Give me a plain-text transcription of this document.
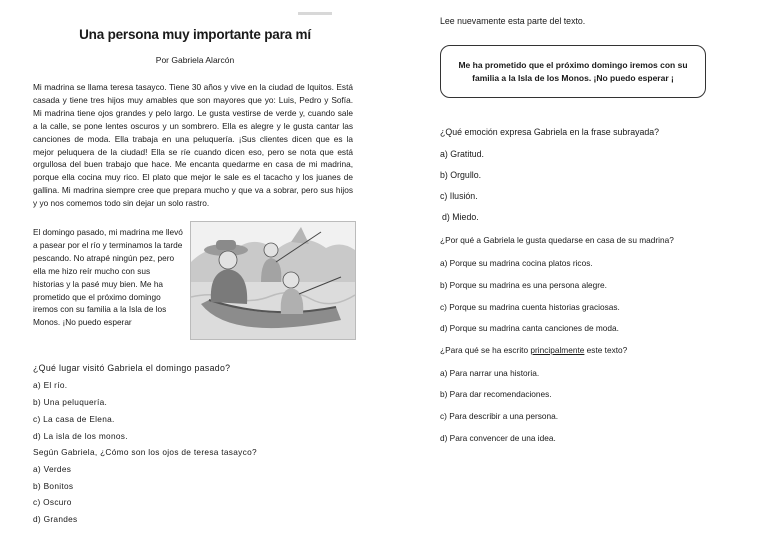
Una persona muy importante para mí
Por Gabriela Alarcón
Mi madrina se llama teresa tasayco. Tiene 30 años y vive en la ciudad de Iquitos. Está casada y tiene tres hijos muy amables que son mayores que yo: Luis, Pedro y Sofía. Mi madrina tiene ojos grandes y pelo largo. Le gusta vestirse de verde y, cuando sale a la calle, se pone lentes oscuros y un sombrero. Ella es alegre y le gusta cantar las canciones de moda. Ella trabaja en una peluquería. ¡Sus clientes dicen que es la mejor peluquera de la ciudad! Ella se ríe cuando dicen eso, pero se nota que está orgullosa del buen trabajo que hace. Me encanta quedarme en casa de mi madrina, porque ella cocina muy rico. El plato que mejor le sale es el tacacho y los juanes de gallina. Mi madrina siempre cree que prepara mucho y que va a sobrar, pero sus hijos y yo nos comemos todo sin dejar un solo rastro.
El domingo pasado, mi madrina me llevó a pasear por el río y terminamos la tarde pescando. No atrapé ningún pez, pero ella me hizo reír mucho con sus historias y la pasé muy bien. Me ha prometido que el próximo domingo iremos con su familia a la Isla de los Monos. ¡No puedo esperar
¿Qué lugar visitó Gabriela el domingo pasado?
a) El río.
b) Una peluquería.
c) La casa de Elena.
d) La isla de los monos.
Según Gabriela, ¿Cómo son los ojos de teresa tasayco?
a) Verdes
b) Bonitos
c) Oscuro
d) Grandes
Lee nuevamente esta parte del texto.
Me ha prometido que el próximo domingo iremos con su familia a la Isla de los Monos. ¡No puedo esperar ¡
¿Qué emoción expresa Gabriela en la frase subrayada?
a) Gratitud.
b) Orgullo.
c) Ilusión.
d) Miedo.
¿Por qué a Gabriela le gusta quedarse en casa de su madrina?
a) Porque su madrina cocina platos ricos.
b) Porque su madrina es una persona alegre.
c) Porque su madrina cuenta historias graciosas.
d) Porque su madrina canta canciones de moda.
¿Para qué se ha escrito principalmente este texto?
a) Para narrar una historia.
b) Para dar recomendaciones.
c) Para describir a una persona.
d) Para convencer de una idea.
